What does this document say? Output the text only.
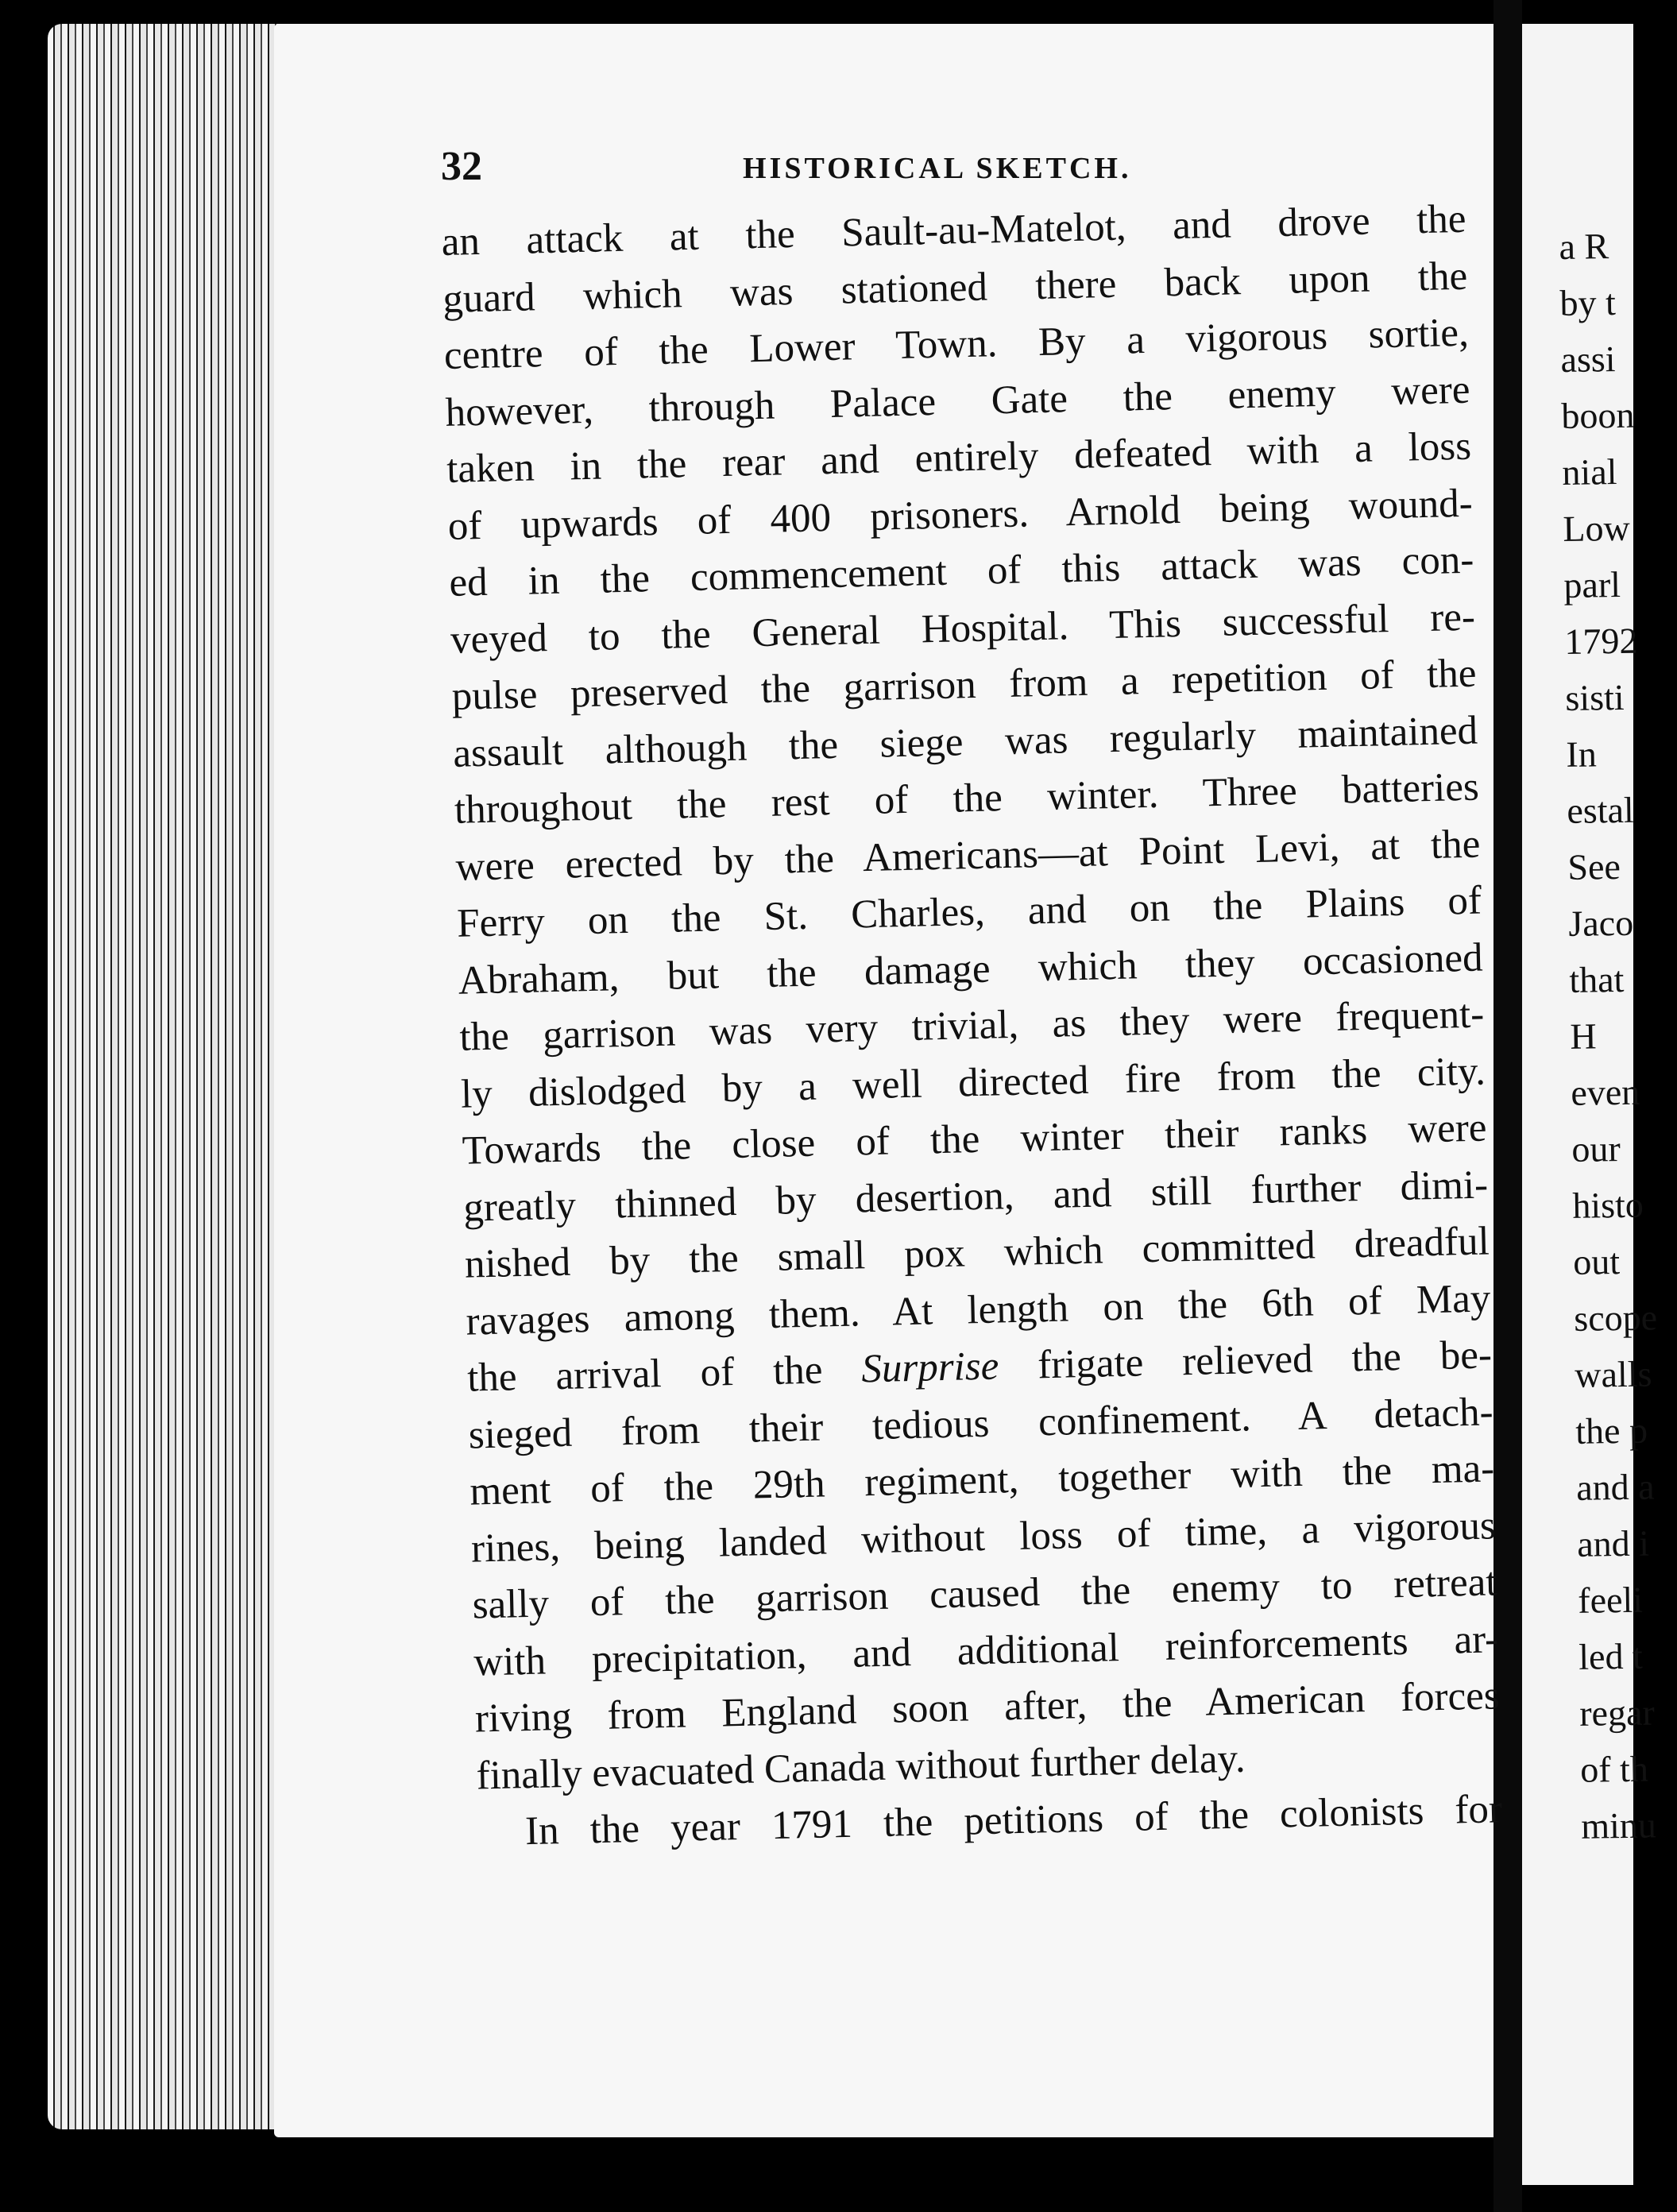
32	HISTORICAL SKETCH.
an attack at the Sault-au-Matelot, and drove the
guard which was stationed there back upon the
centre of the Lower Town. By a vigorous sortie,
however, through Palace Gate the enemy were
taken in the rear and entirely defeated with a loss
of upwards of 400 prisoners. Arnold being wound-
ed in the commencement of this attack was con-
veyed to the General Hospital. This successful re-
pulse preserved the garrison from a repetition of the
assault although the siege was regularly maintained
throughout the rest of the winter. Three batteries
were erected by the Americans—at Point Levi, at the
Ferry on the St. Charles, and on the Plains of
Abraham, but the damage which they occasioned
the garrison was very trivial, as they were frequent-
ly dislodged by a well directed fire from the city.
Towards the close of the winter their ranks were
greatly thinned by desertion, and still further dimi-
nished by the small pox which committed dreadful
ravages among them. At length on the 6th of May
the arrival of the Surprise frigate relieved the be-
sieged from their tedious confinement. A detach-
ment of the 29th regiment, together with the ma-
rines, being landed without loss of time, a vigorous
sally of the garrison caused the enemy to retreat
with precipitation, and additional reinforcements ar-
riving from England soon after, the American forces
finally evacuated Canada without further delay.
In the year 1791 the petitions of the colonists for
a R
by t
assi
boon
nial
Low
parl
1792
sisti
In
estal
See
Jaco
that
H
even
our
histo
out
scope
walls
the p
and a
and i
feeli
led t
regar
of th
minu
